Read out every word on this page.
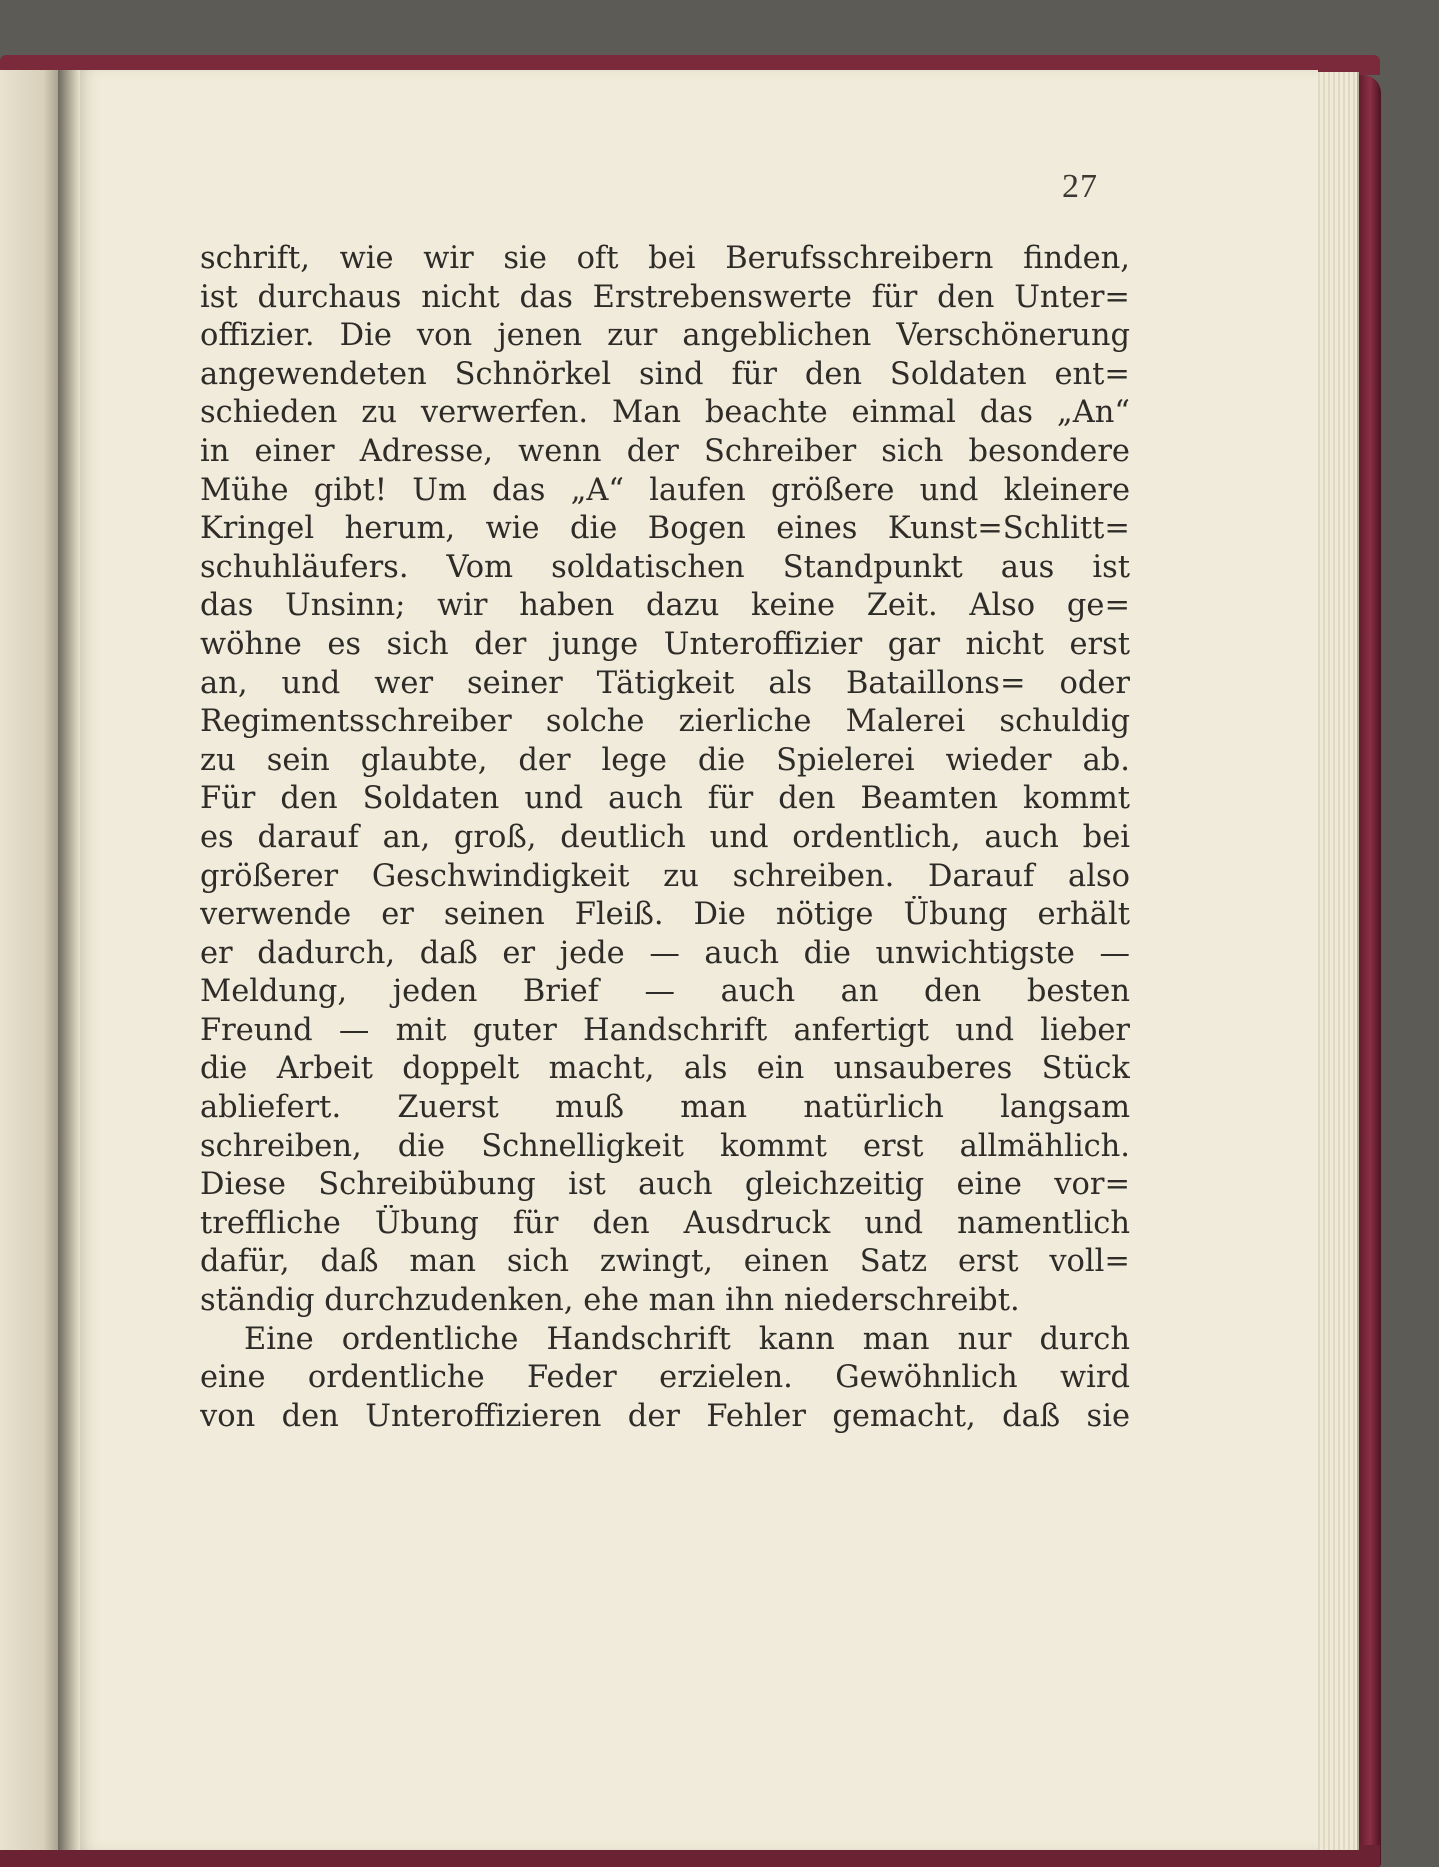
27
schrift, wie wir sie oft bei Berufsschreibern finden,
ist durchaus nicht das Erstrebenswerte für den Unter=
offizier. Die von jenen zur angeblichen Verschönerung
angewendeten Schnörkel sind für den Soldaten ent=
schieden zu verwerfen. Man beachte einmal das „An“
in einer Adresse, wenn der Schreiber sich besondere
Mühe gibt! Um das „A“ laufen größere und kleinere
Kringel herum, wie die Bogen eines Kunst=Schlitt=
schuhläufers. Vom soldatischen Standpunkt aus ist
das Unsinn; wir haben dazu keine Zeit. Also ge=
wöhne es sich der junge Unteroffizier gar nicht erst
an, und wer seiner Tätigkeit als Bataillons= oder
Regimentsschreiber solche zierliche Malerei schuldig
zu sein glaubte, der lege die Spielerei wieder ab.
Für den Soldaten und auch für den Beamten kommt
es darauf an, groß, deutlich und ordentlich, auch bei
größerer Geschwindigkeit zu schreiben. Darauf also
verwende er seinen Fleiß. Die nötige Übung erhält
er dadurch, daß er jede — auch die unwichtigste —
Meldung, jeden Brief — auch an den besten
Freund — mit guter Handschrift anfertigt und lieber
die Arbeit doppelt macht, als ein unsauberes Stück
abliefert. Zuerst muß man natürlich langsam
schreiben, die Schnelligkeit kommt erst allmählich.
Diese Schreibübung ist auch gleichzeitig eine vor=
treffliche Übung für den Ausdruck und namentlich
dafür, daß man sich zwingt, einen Satz erst voll=
ständig durchzudenken, ehe man ihn niederschreibt.
Eine ordentliche Handschrift kann man nur durch
eine ordentliche Feder erzielen. Gewöhnlich wird
von den Unteroffizieren der Fehler gemacht, daß sie
